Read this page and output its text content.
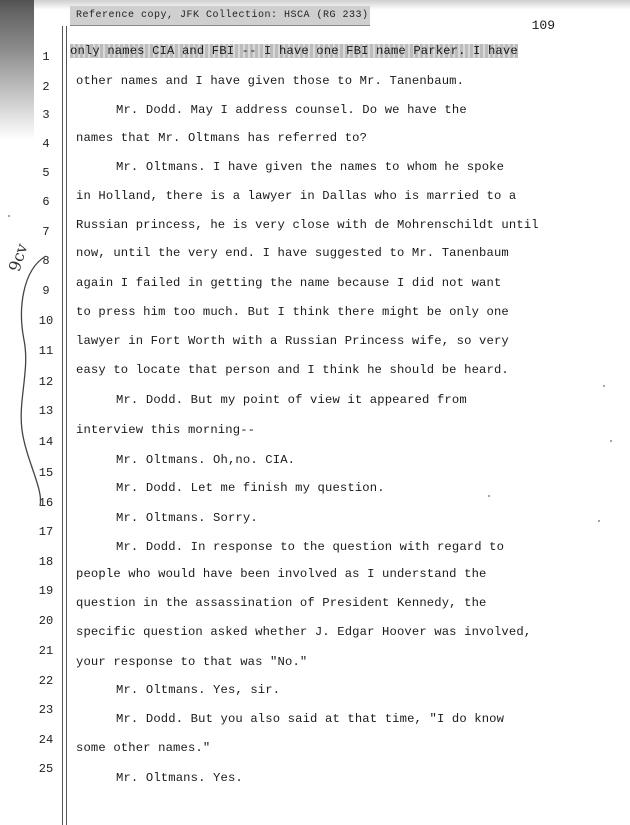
Reference copy, JFK Collection: HSCA (RG 233)
109
1
2
3
4
5
6
7
8
9
10
11
12
13
14
15
16
17
18
19
20
21
22
23
24
25
only names CIA and FBI -- I have one FBI name Parker. I have
other names and I have given those to Mr. Tanenbaum.
Mr. Dodd. May I address counsel. Do we have the
names that Mr. Oltmans has referred to?
Mr. Oltmans. I have given the names to whom he spoke
in Holland, there is a lawyer in Dallas who is married to a
Russian princess, he is very close with de Mohrenschildt until
now, until the very end. I have suggested to Mr. Tanenbaum
again I failed in getting the name because I did not want
to press him too much. But I think there might be only one
lawyer in Fort Worth with a Russian Princess wife, so very
easy to locate that person and I think he should be heard.
Mr. Dodd. But my point of view it appeared from
interview this morning--
Mr. Oltmans. Oh,no. CIA.
Mr. Dodd. Let me finish my question.
Mr. Oltmans. Sorry.
Mr. Dodd. In response to the question with regard to
people who would have been involved as I understand the
question in the assassination of President Kennedy, the
specific question asked whether J. Edgar Hoover was involved,
your response to that was "No."
Mr. Oltmans. Yes, sir.
Mr. Dodd. But you also said at that time, "I do know
some other names."
Mr. Oltmans. Yes.
9cv
